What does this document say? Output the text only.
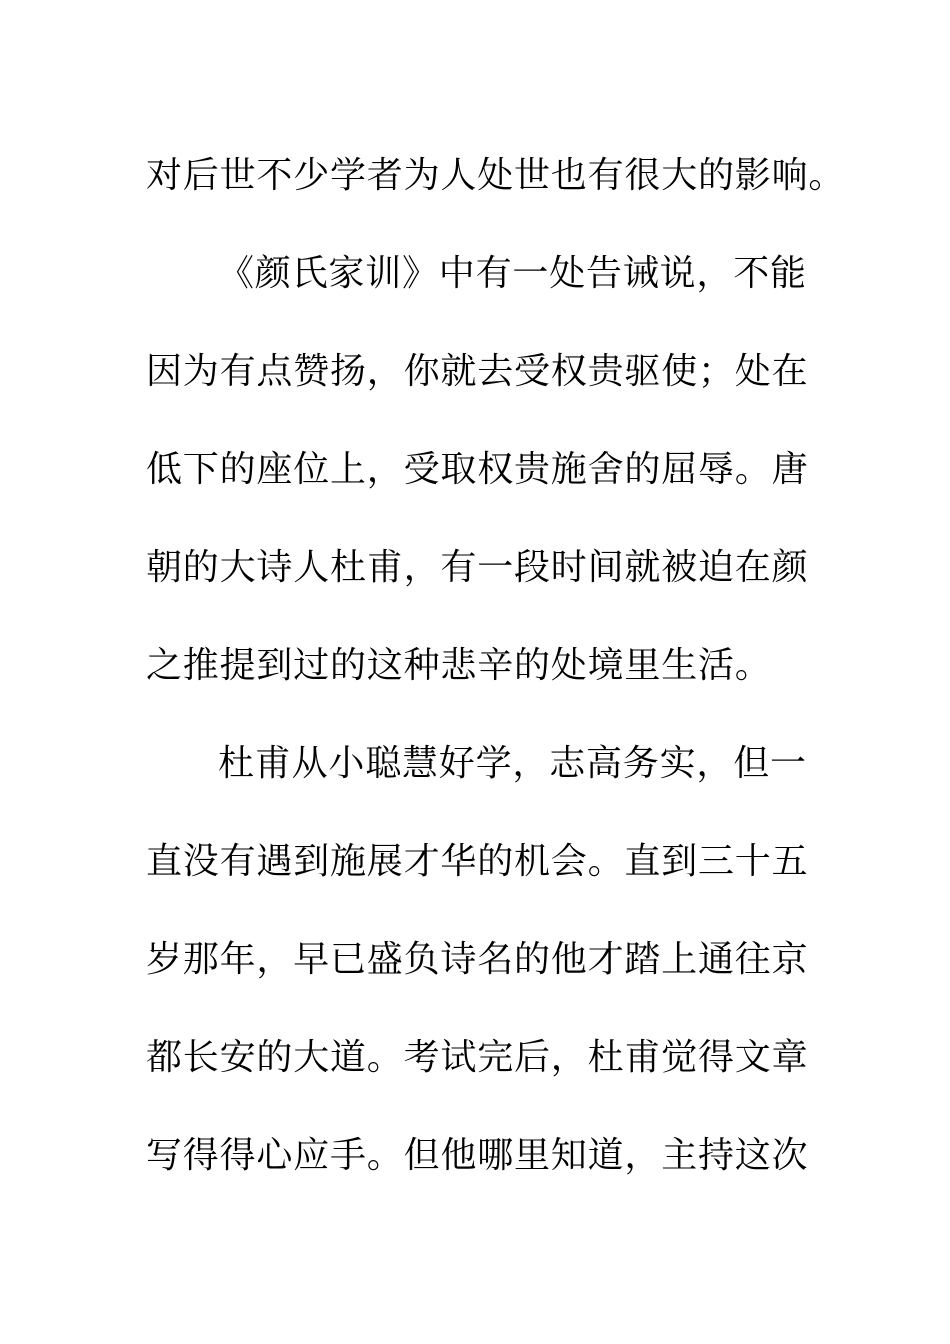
对后世不少学者为人处世也有很大的影响。
《颜氏家训》中有一处告诫说，不能
因为有点赞扬，你就去受权贵驱使；处在
低下的座位上，受取权贵施舍的屈辱。唐
朝的大诗人杜甫，有一段时间就被迫在颜
之推提到过的这种悲辛的处境里生活。
杜甫从小聪慧好学，志高务实，但一
直没有遇到施展才华的机会。直到三十五
岁那年，早已盛负诗名的他才踏上通往京
都长安的大道。考试完后，杜甫觉得文章
写得得心应手。但他哪里知道，主持这次
